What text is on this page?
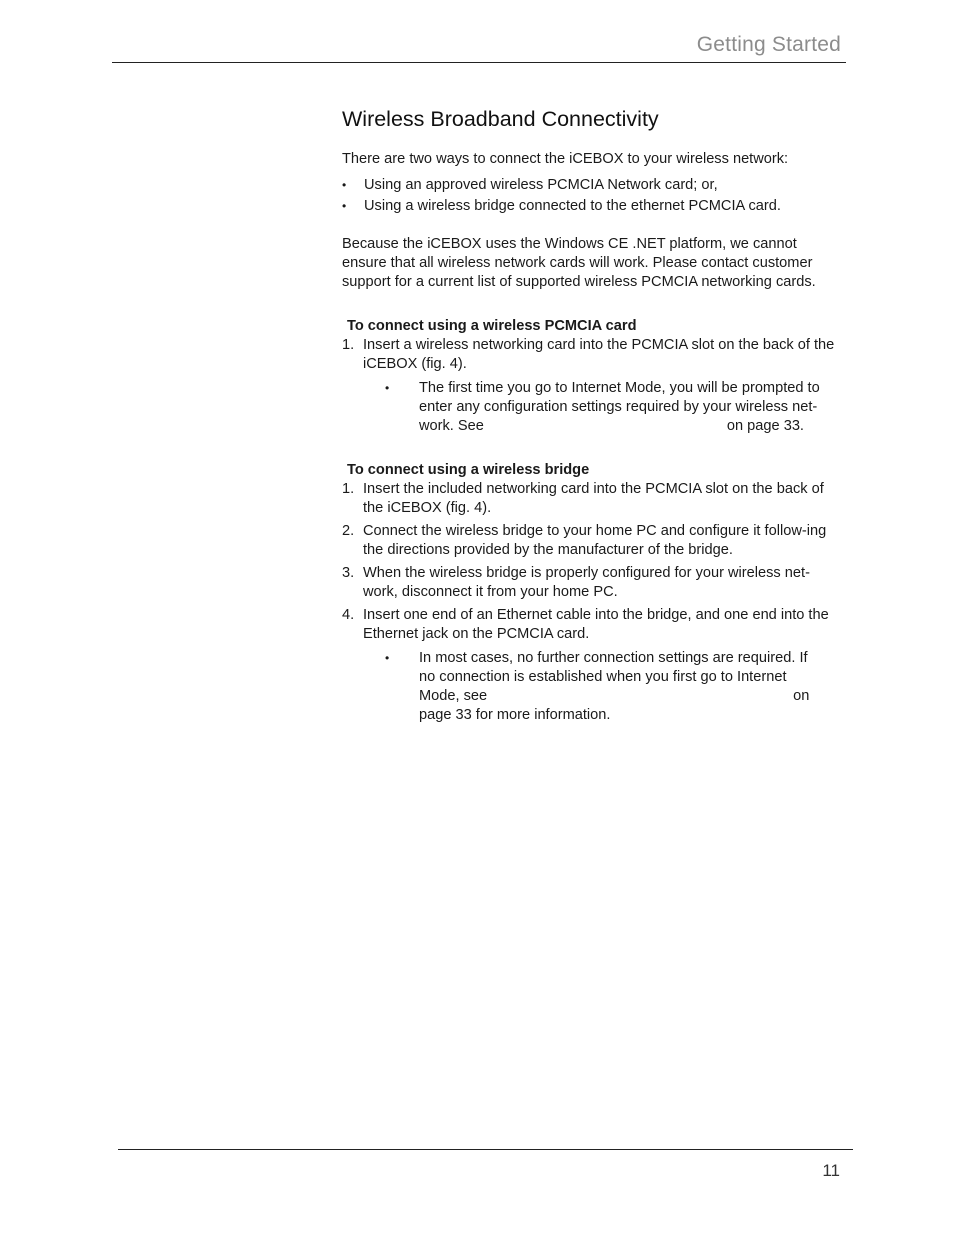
Getting Started
Wireless Broadband Connectivity

There are two ways to connect the iCEBOX to your wireless network:

• Using an approved wireless PCMCIA Network card; or,
• Using a wireless bridge connected to the ethernet PCMCIA card.

Because the iCEBOX uses the Windows CE .NET platform, we cannot ensure that all wireless network cards will work. Please contact customer support for a current list of supported wireless PCMCIA networking cards.

To connect using a wireless PCMCIA card
1. Insert a wireless networking card into the PCMCIA slot on the back of the iCEBOX (fig. 4).
• The first time you go to Internet Mode, you will be prompted to enter any configuration settings required by your wireless net-work. See	on page 33.
To connect using a wireless bridge
1. Insert the included networking card into the PCMCIA slot on the back of the iCEBOX (fig. 4).
2. Connect the wireless bridge to your home PC and configure it follow-ing the directions provided by the manufacturer of the bridge.
3. When the wireless bridge is properly configured for your wireless net-work, disconnect it from your home PC.
4. Insert one end of an Ethernet cable into the bridge, and one end into the Ethernet jack on the PCMCIA card.
• In most cases, no further connection settings are required. If no connection is established when you first go to Internet Mode, see	on page 33 for more information.
11
